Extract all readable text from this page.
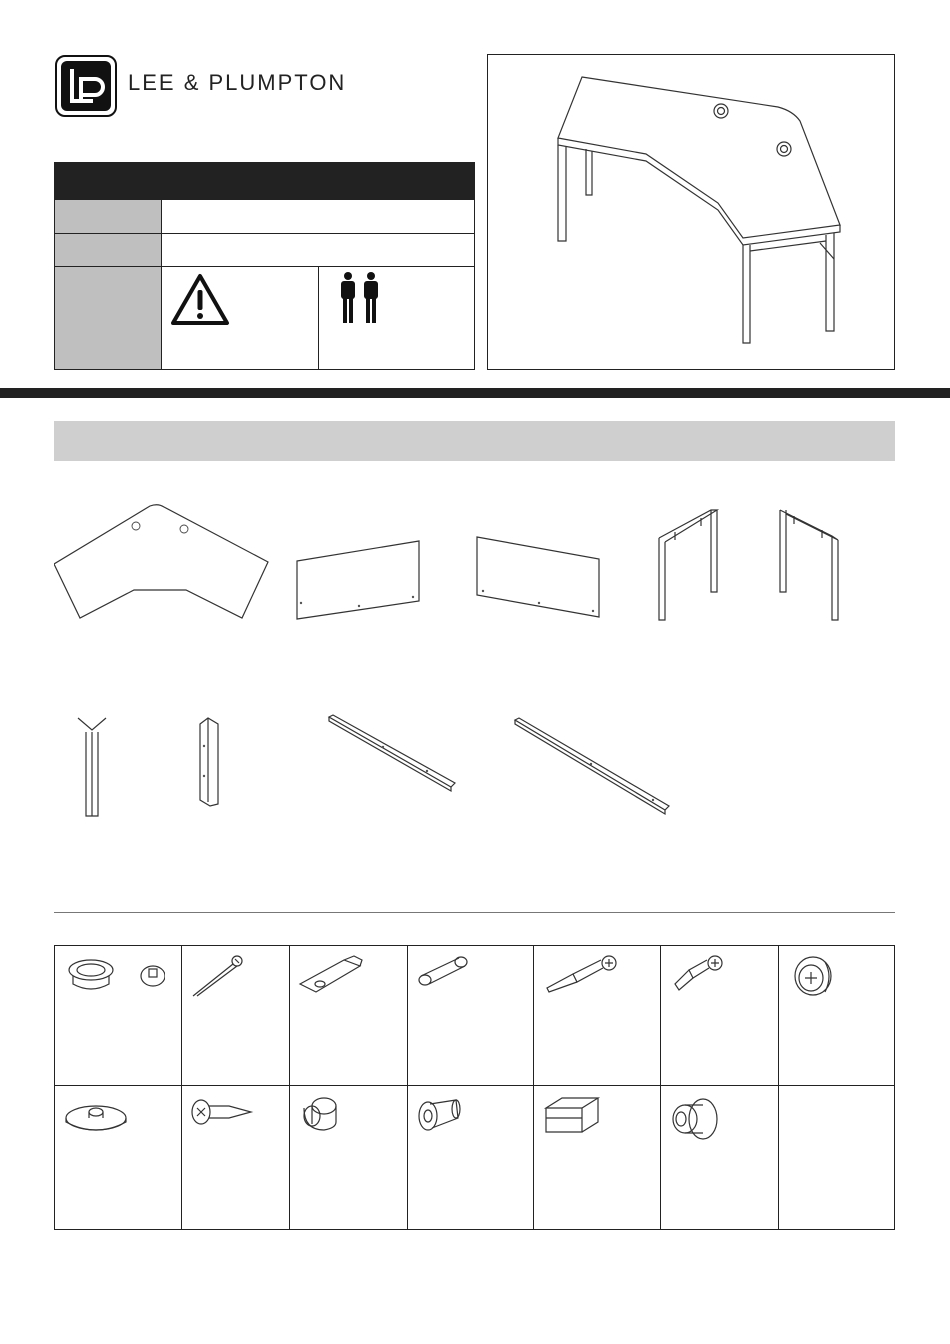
LEE & PLUMPTON
